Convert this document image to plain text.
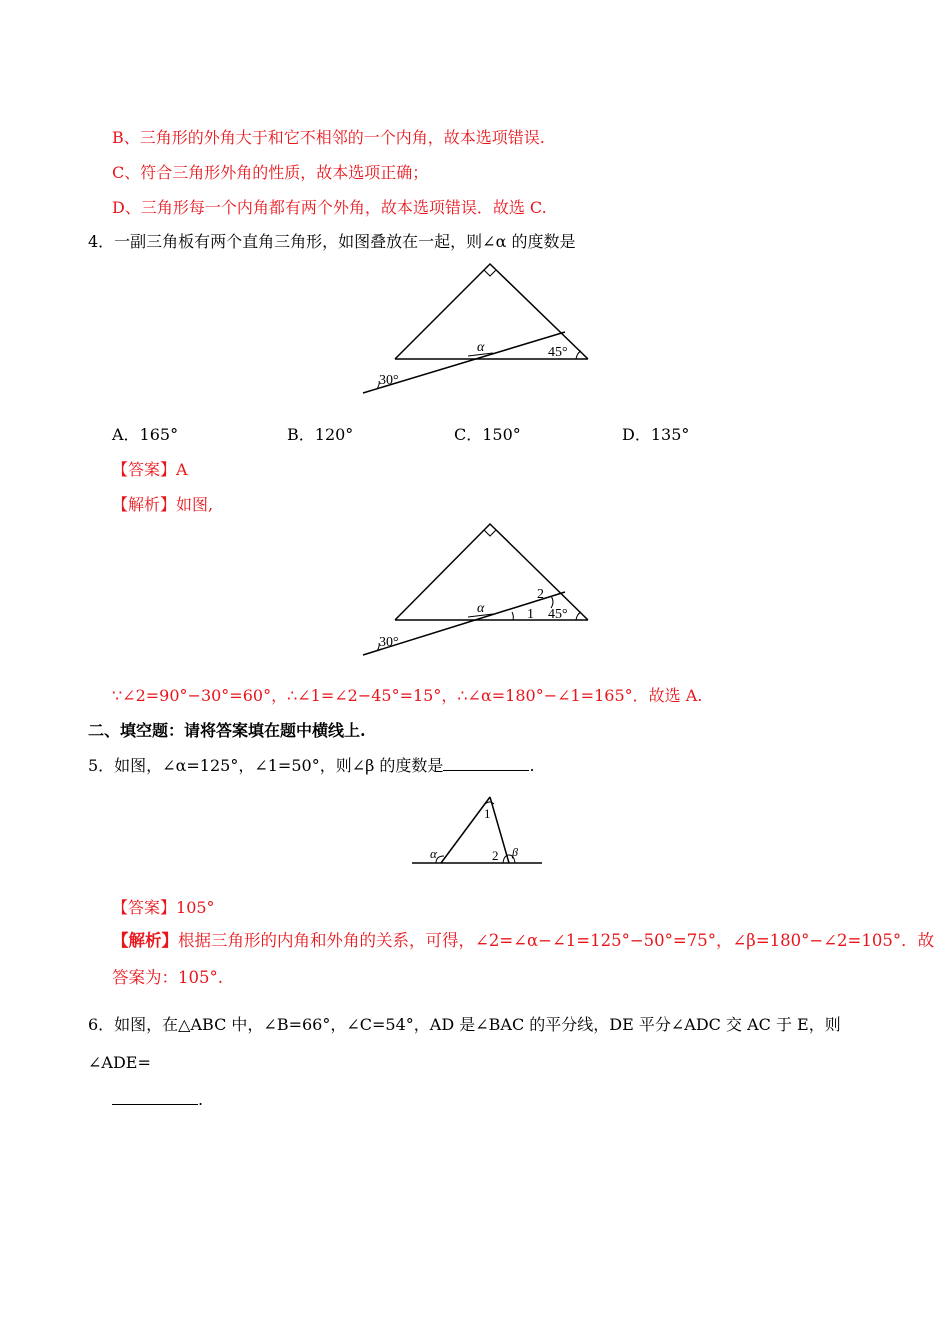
B、三角形的外角大于和它不相邻的一个内角，故本选项错误.
C、符合三角形外角的性质，故本选项正确；
D、三角形每一个内角都有两个外角，故本选项错误．故选 C.
4．一副三角板有两个直角三角形，如图叠放在一起，则∠α 的度数是
α	45°
30°
A．165°	B．120°	C．150°	D．135°
【答案】A
【解析】如图,
α	45°
30°
2
1
∵∠2=90°−30°=60°，∴∠1=∠2−45°=15°，∴∠α=180°−∠1=165°．故选 A.
二、填空题：请将答案填在题中横线上.
5．如图，∠α=125°，∠1=50°，则∠β 的度数是	.
α
1
2 β
【答案】105°
【解析】根据三角形的内角和外角的关系，可得，∠2=∠α−∠1=125°−50°=75°，∠β=180°−∠2=105°．故
答案为：105°.
6．如图，在△ABC 中，∠B=66°，∠C=54°，AD 是∠BAC 的平分线，DE 平分∠ADC 交 AC 于 E，则
∠ADE=
.
